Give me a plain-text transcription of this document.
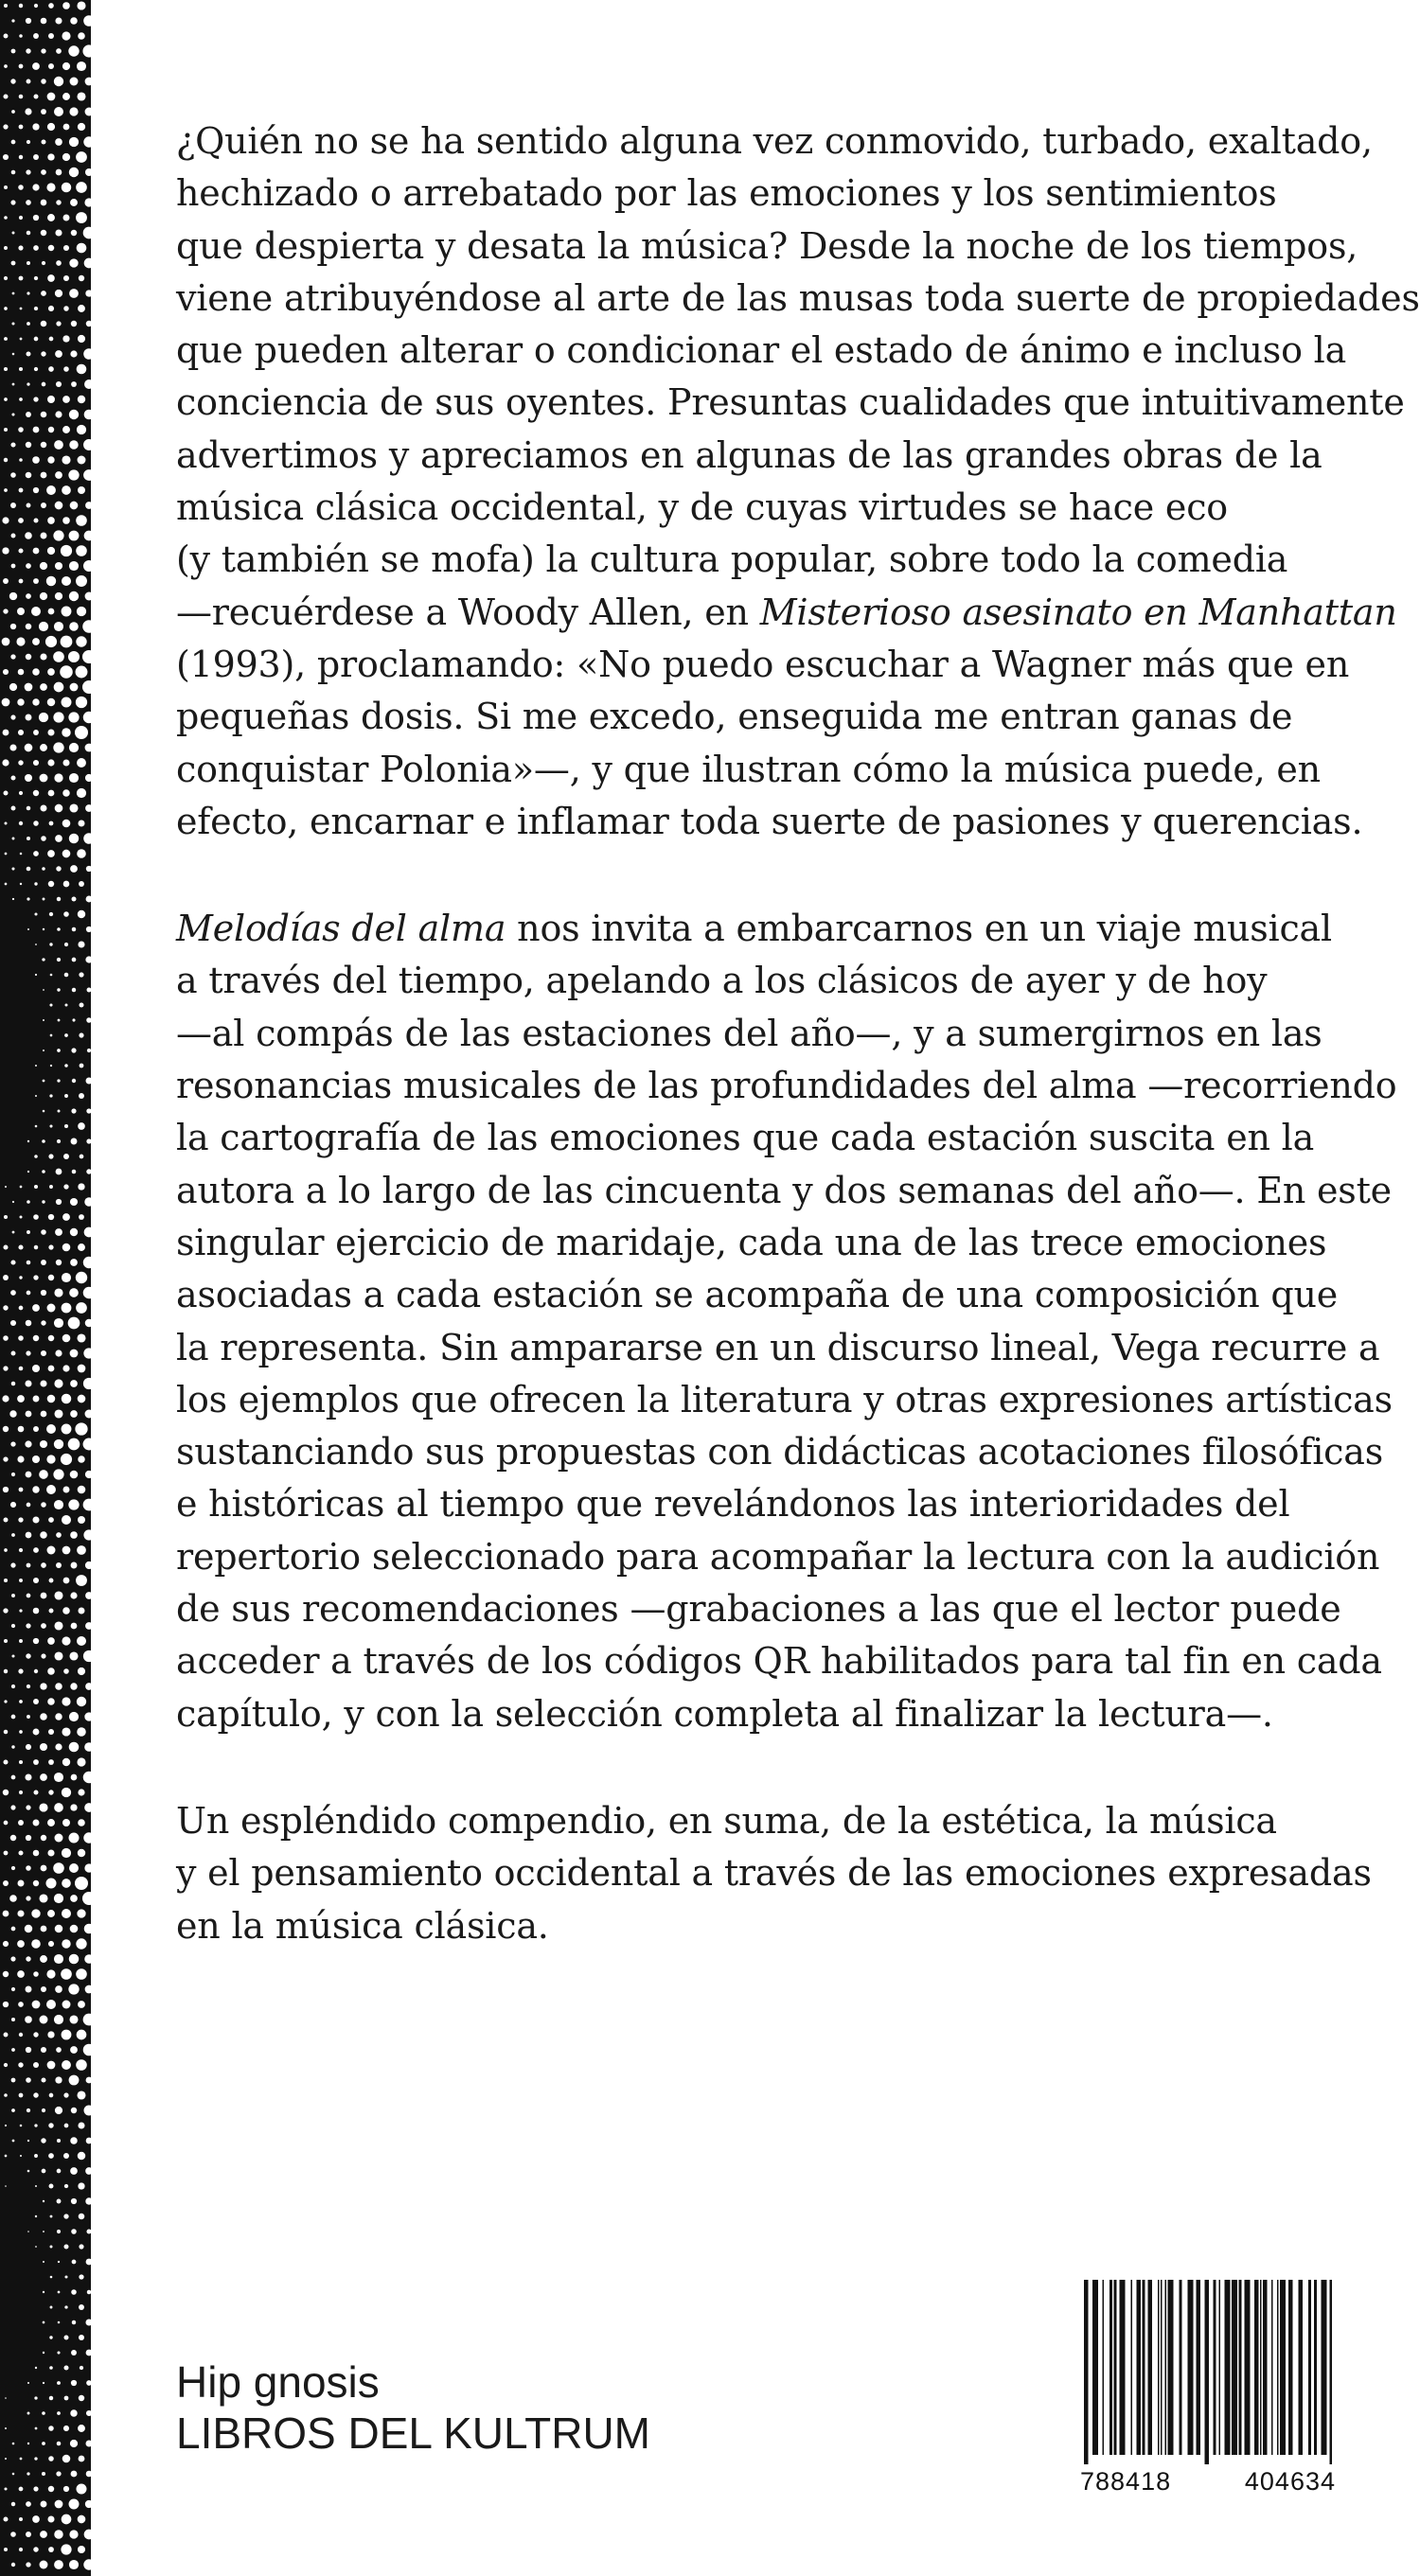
¿Quién no se ha sentido alguna vez conmovido, turbado, exaltado,
hechizado o arrebatado por las emociones y los sentimientos
que despierta y desata la música? Desde la noche de los tiempos,
viene atribuyéndose al arte de las musas toda suerte de propiedades
que pueden alterar o condicionar el estado de ánimo e incluso la
conciencia de sus oyentes. Presuntas cualidades que intuitivamente
advertimos y apreciamos en algunas de las grandes obras de la
música clásica occidental, y de cuyas virtudes se hace eco
(y también se mofa) la cultura popular, sobre todo la comedia
—recuérdese a Woody Allen, en Misterioso asesinato en Manhattan
(1993), proclamando: «No puedo escuchar a Wagner más que en
pequeñas dosis. Si me excedo, enseguida me entran ganas de
conquistar Polonia»—, y que ilustran cómo la música puede, en
efecto, encarnar e inflamar toda suerte de pasiones y querencias.

Melodías del alma nos invita a embarcarnos en un viaje musical
a través del tiempo, apelando a los clásicos de ayer y de hoy
—al compás de las estaciones del año—, y a sumergirnos en las
resonancias musicales de las profundidades del alma —recorriendo
la cartografía de las emociones que cada estación suscita en la
autora a lo largo de las cincuenta y dos semanas del año—. En este
singular ejercicio de maridaje, cada una de las trece emociones
asociadas a cada estación se acompaña de una composición que
la representa. Sin ampararse en un discurso lineal, Vega recurre a
los ejemplos que ofrecen la literatura y otras expresiones artísticas
sustanciando sus propuestas con didácticas acotaciones filosóficas
e históricas al tiempo que revelándonos las interioridades del
repertorio seleccionado para acompañar la lectura con la audición
de sus recomendaciones —grabaciones a las que el lector puede
acceder a través de los códigos QR habilitados para tal fin en cada
capítulo, y con la selección completa al finalizar la lectura—.

Un espléndido compendio, en suma, de la estética, la música
y el pensamiento occidental a través de las emociones expresadas
en la música clásica.

Hip gnosis
LIBROS DEL KULTRUM
788418	404634
